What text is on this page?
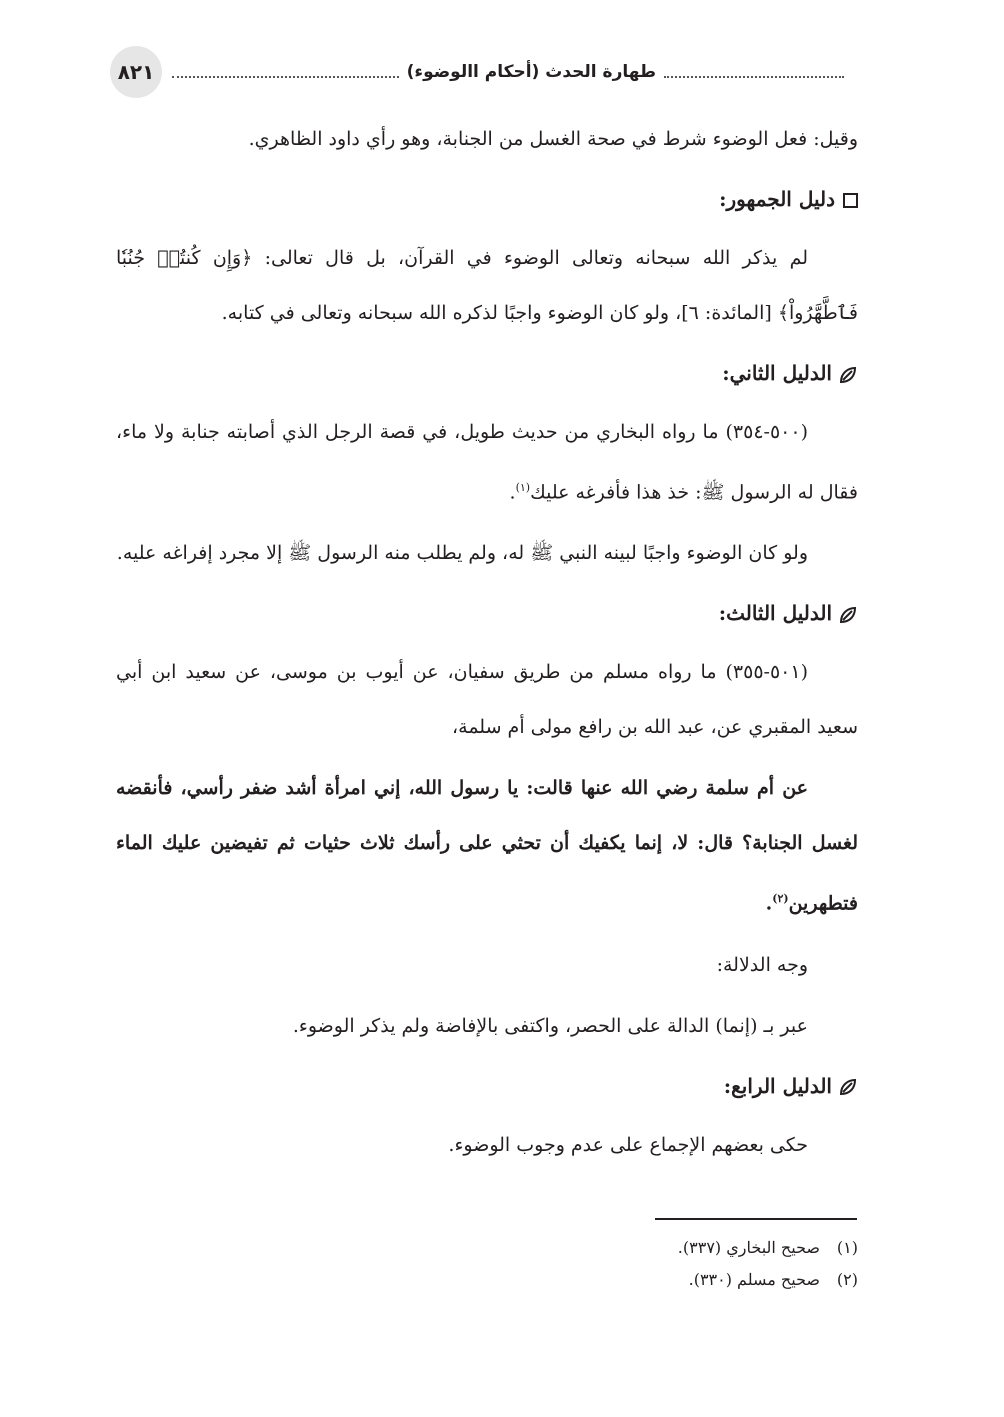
٨٢١	طهارة الحدث (أحكام االوضوء)

وقيل: فعل الوضوء شرط في صحة الغسل من الجنابة، وهو رأي داود الظاهري.

دليل الجمهور:

لم يذكر الله سبحانه وتعالى الوضوء في القرآن، بل قال تعالى: ﴿وَإِن كُنتُمۡ جُنُبٗا فَٱطَّهَّرُواْ﴾ [المائدة: ٦]، ولو كان الوضوء واجبًا لذكره الله سبحانه وتعالى في كتابه.

الدليل الثاني:

(٥٠٠-٣٥٤) ما رواه البخاري من حديث طويل، في قصة الرجل الذي أصابته جنابة ولا ماء، فقال له الرسول ﷺ: خذ هذا فأفرغه عليك$^{(١)}$.

ولو كان الوضوء واجبًا لبينه النبي ﷺ له، ولم يطلب منه الرسول ﷺ إلا مجرد إفراغه عليه.

الدليل الثالث:

(٥٠١-٣٥٥) ما رواه مسلم من طريق سفيان، عن أيوب بن موسى، عن سعيد ابن أبي سعيد المقبري عن، عبد الله بن رافع مولى أم سلمة،

عن أم سلمة رضي الله عنها قالت: يا رسول الله، إني امرأة أشد ضفر رأسي، فأنقضه لغسل الجنابة؟ قال: لا، إنما يكفيك أن تحثي على رأسك ثلاث حثيات ثم تفيضين عليك الماء فتطهرين$^{(٢)}$.

وجه الدلالة:

عبر بـ (إنما) الدالة على الحصر، واكتفى بالإفاضة ولم يذكر الوضوء.

الدليل الرابع:

حكى بعضهم الإجماع على عدم وجوب الوضوء.

(١)صحيح البخاري (٣٣٧).
(٢)صحيح مسلم (٣٣٠).
